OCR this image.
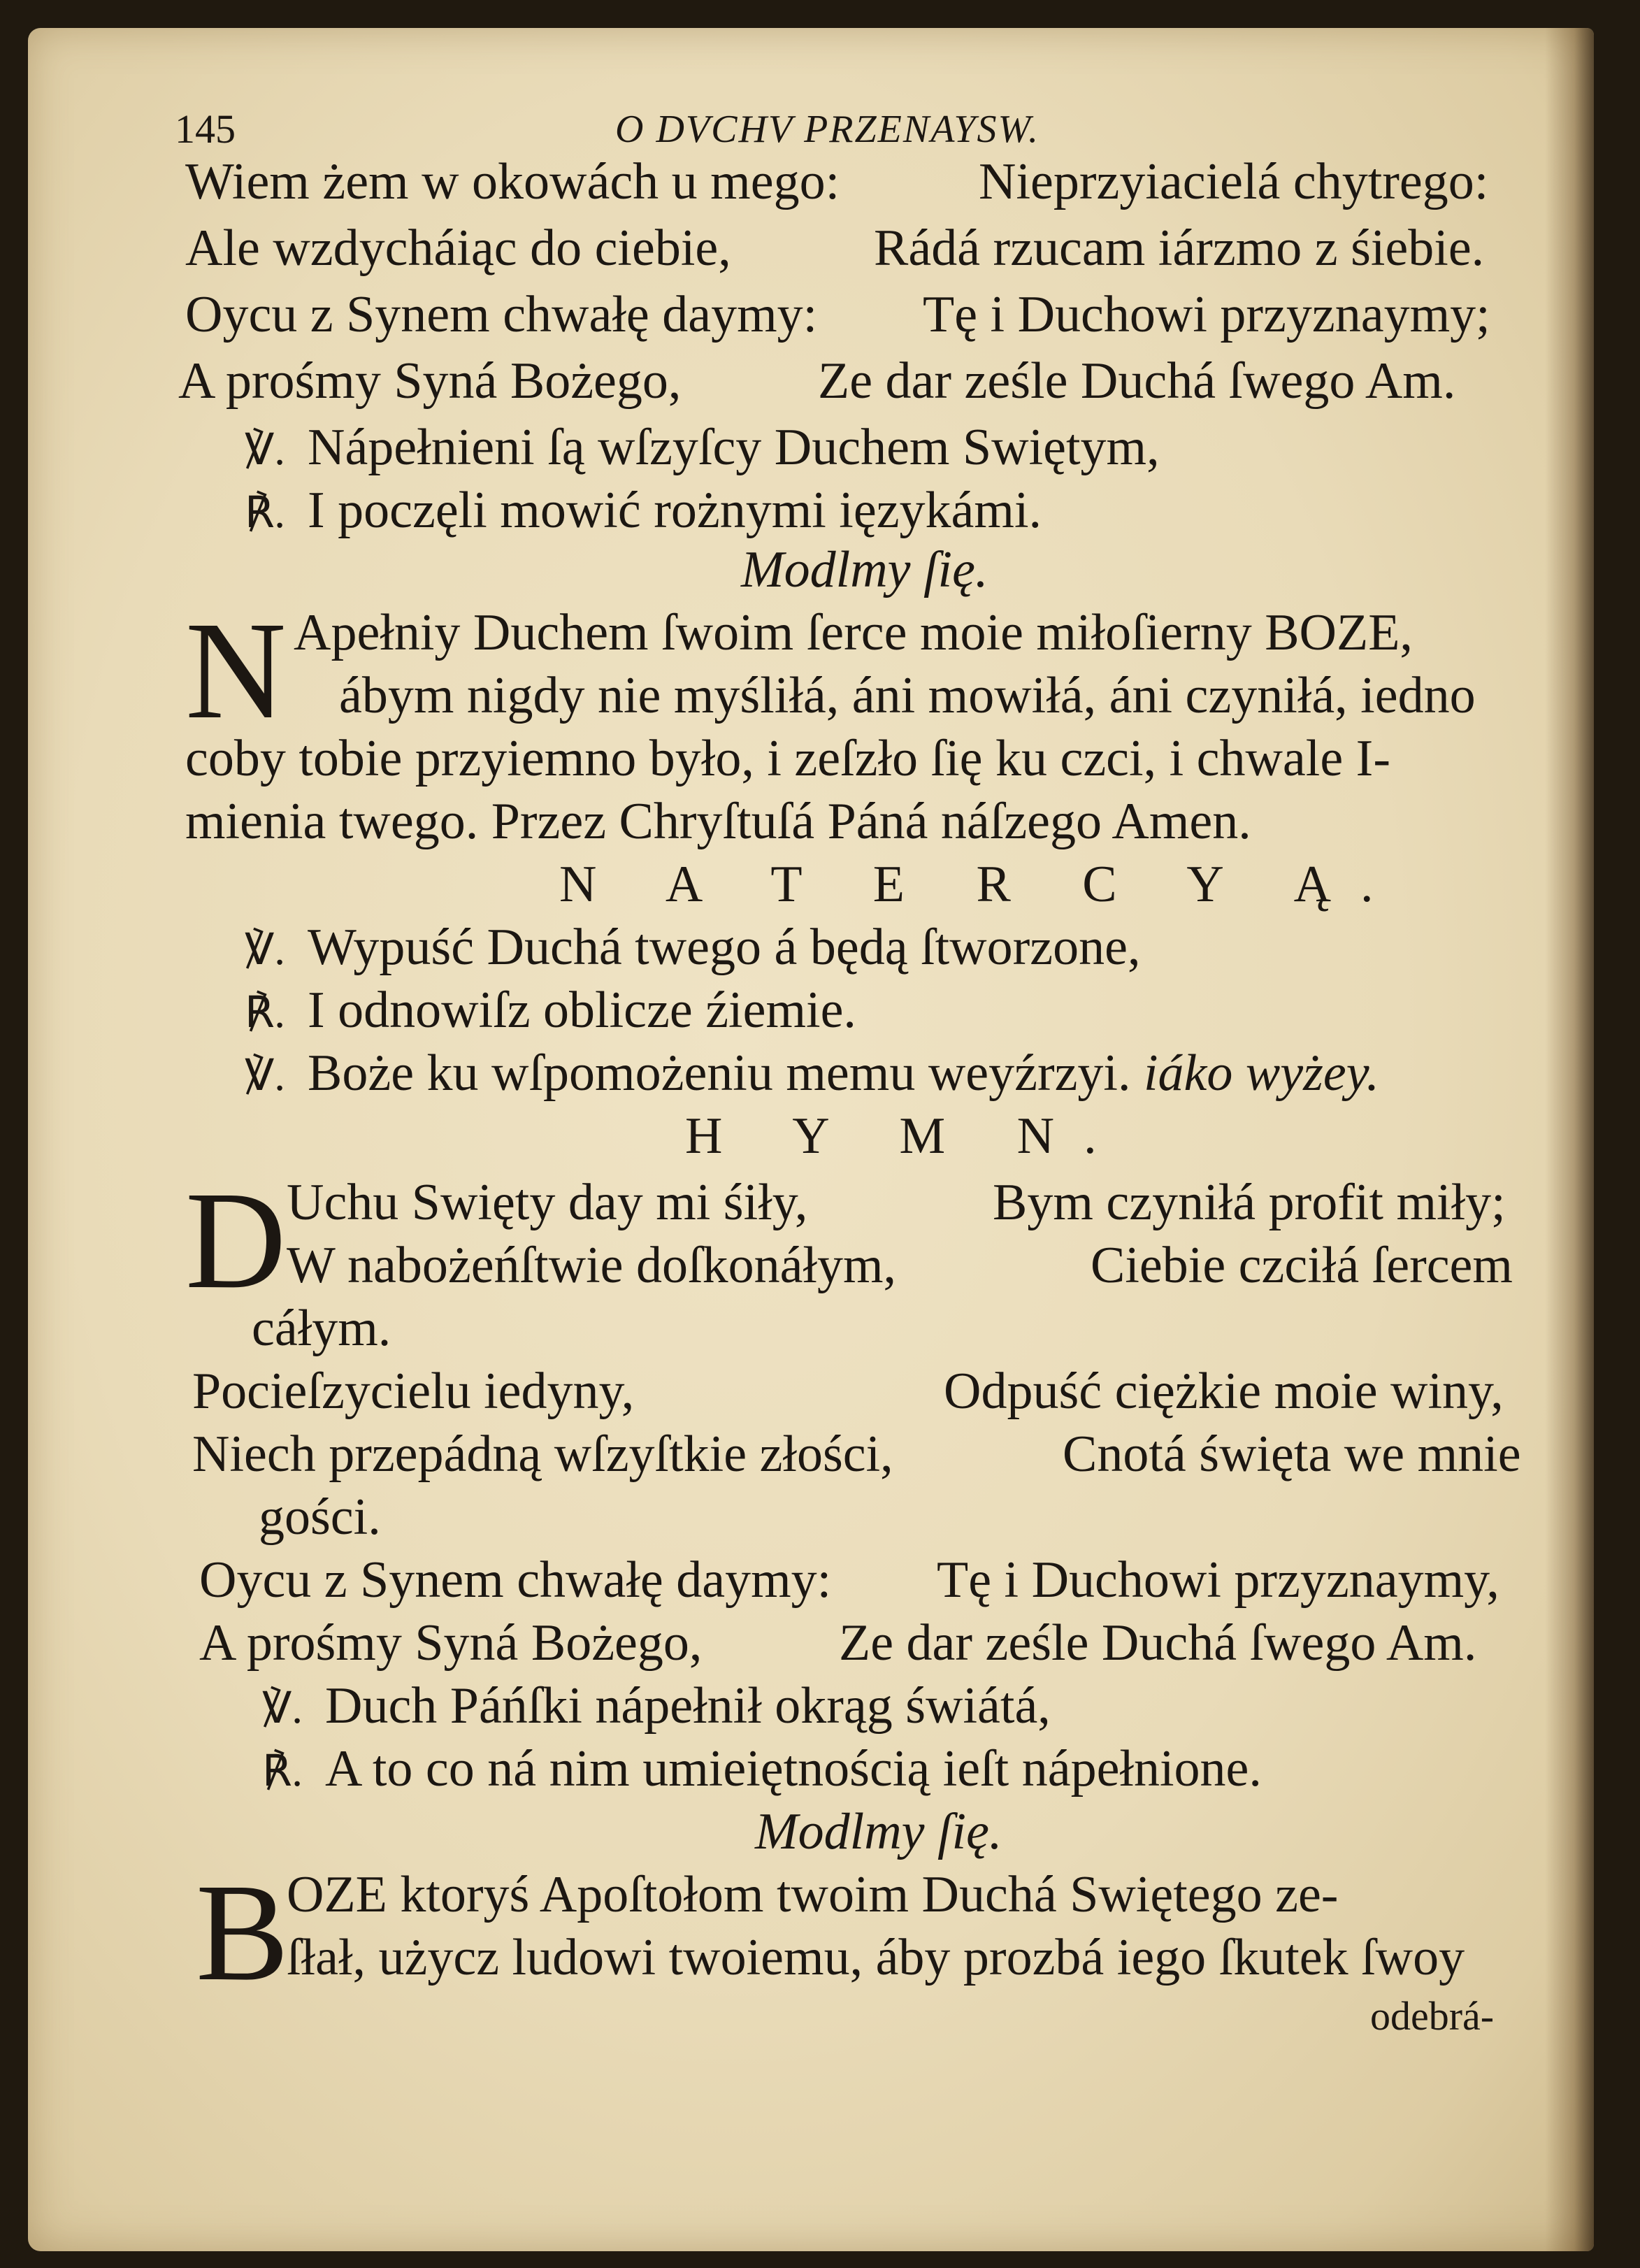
145	O DVCHV PRZENAYSW.
Wiem żem w okowách u mego:	Nieprzyiacielá chytrego:
Ale wzdycháiąc do ciebie,	Rádá rzucam iárzmo z śiebie.
Oycu z Synem chwałę daymy: Tę i Duchowi przyznaymy;
A prośmy Syná Bożego,	Ze dar ześle Duchá ſwego Am.
℣. Nápełnieni ſą wſzyſcy Duchem Swiętym,
℟. I poczęli mowić rożnymi ięzykámi.
Modlmy ſię.
N Apełniy Duchem ſwoim ſerce moie miłoſierny BOZE,
ábym nigdy nie myśliłá, áni mowiłá, áni czyniłá, iedno
coby tobie przyiemno było, i zeſzło ſię ku czci, i chwale I-
mienia twego. Przez Chryſtuſá Páná náſzego Amen.
N A T E R C Y Ą.
℣. Wypuść Duchá twego á będą ſtworzone,
℟. I odnowiſz oblicze źiemie.
℣. Boże ku wſpomożeniu memu weyźrzyi. iáko wyżey.
H Y M N.
D Uchu Swięty day mi śiły,	Bym czyniłá profit miły;
W nabożeńſtwie doſkonáłym,	Ciebie czciłá ſercem
cáłym.
Pocieſzycielu iedyny,	Odpuść ciężkie moie winy,
Niech przepádną wſzyſtkie złości,	Cnotá święta we mnie
gości.
Oycu z Synem chwałę daymy: Tę i Duchowi przyznaymy,
A prośmy Syná Bożego,	Ze dar ześle Duchá ſwego Am.
℣. Duch Páńſki nápełnił okrąg świátá,
℟. A to co ná nim umieiętnością ieſt nápełnione.
Modlmy ſię.
B
OZE ktoryś Apoſtołom twoim Duchá Swiętego ze-
ſłał, użycz ludowi twoiemu, áby prozbá iego ſkutek ſwoy
odebrá-
